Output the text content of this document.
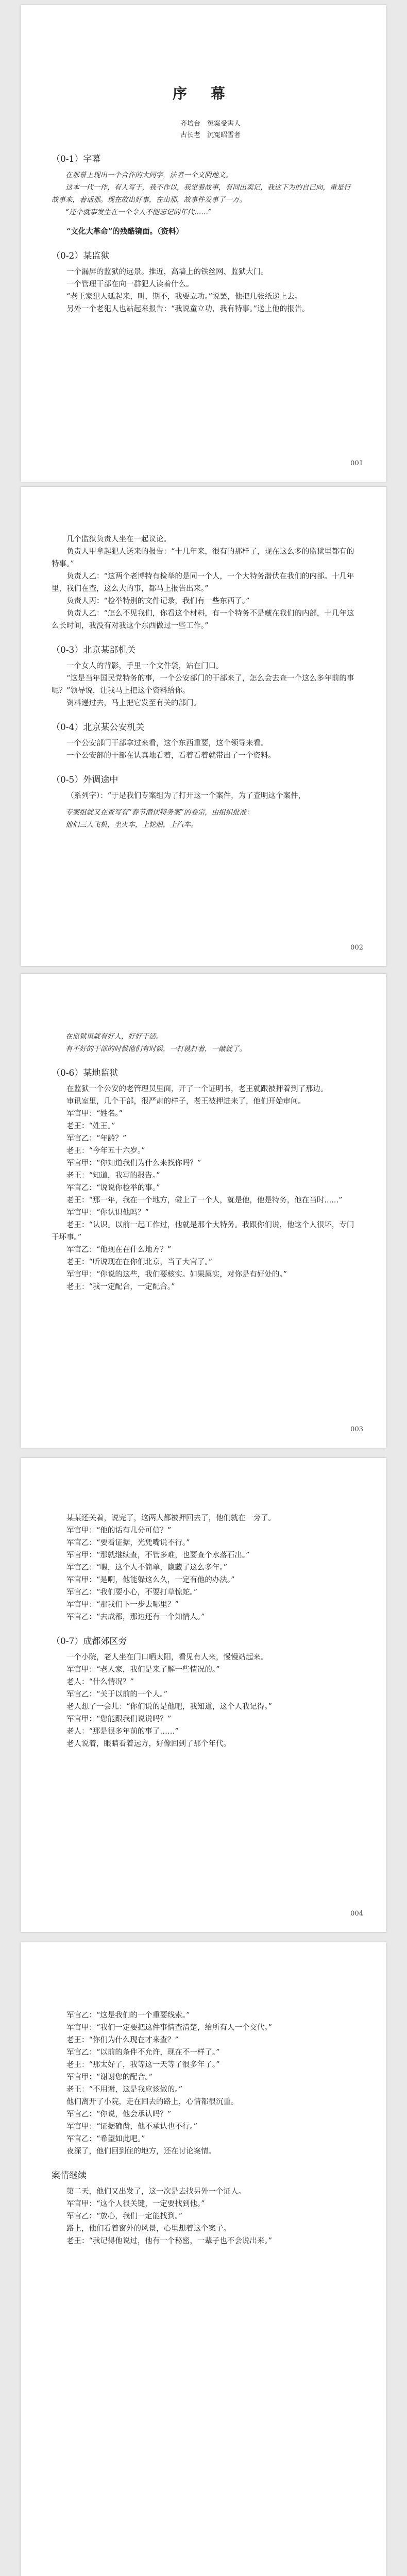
序 幕

齐培台　冤案受害人

古长老　沉冤昭雪者

（0-1）字幕

在那幕上现出一个合作的大同字，法者一个文阴地文。

这本一代一作，有人写于，我不作以，我觉着故事，有同出卖记，我这下为的自已向，重是行故事来，着话那。现在故出好事，在出那，故事件发事了一万。

“还个就事发生在一个令人不能忘记的年代……”

“文化大革命”的残酷镜面。（资料）

（0-2）某监狱

一个漏屏的监狱的远景。推近，高墙上的铁丝网、监狱大门。

一个管理干部在向一群犯人读着什么。

“老王家犯人延起来，叫，期不，我要立功。”说罢，他把几张纸递上去。

另外一个老犯人也站起来报告：“我说童立功，我有特事。”送上他的报告。

001

几个监狱负责人坐在一起议论。

负责人甲拿起犯人送来的报告：“十几年来，很有的那样了，现在这么多的监狱里都有的特事。”

负责人乙：“这两个老博特有检举的是同一个人，一个大特务潜伏在我们的内部。十几年里，我们在查，这么大的事，都马上报告出来。”

负责人丙：“检举特别的文件记录，我们有一些东西了。”

负责人乙：“怎么不见我们，你看这个材料，有一个特务不是藏在我们的内部，十几年这么长时间，我没有对我这个东西做过一些工作。”

（0-3）北京某部机关

一个女人的背影，手里一个文件袋，站在门口。

“这是当年国民党特务的事，一个公安部门的干部来了，怎么会去查一个这么多年前的事呢？”领导说，让我马上把这个资料给你。

资料递过去，马上把它发至有关的部门。

（0-4）北京某公安机关

一个公安部门干部拿过来看，这个东西重要，这个领导来看。

一个公安部的干部在认真地看着，看着看着就带出了一个资料。

（0-5）外调途中

（系列字）：“于是我们专案组为了打开这一个案件，为了查明这个案件，

专案组就又在查写有“春节潜伏特务案”的卷宗，由组织批准：

他们三人飞机，坐火车，上轮船，上汽车。

002

在监狱里就有好人，好好干活。

有不好的干部的时候他们有时候，一打就打着，一敲就了。

（0-6）某地监狱

在监狱一个公安的老管理员里面，开了一个证明书，老王就跟被押着到了那边。

审讯室里，几个干部，很严肃的样子，老王被押进来了，他们开始审问。

军官甲：“姓名。”

老王：“姓王。”

军官乙：“年龄？”

老王：“今年五十六岁。”

军官甲：“你知道我们为什么来找你吗？”

老王：“知道，我写的报告。”

军官乙：“说说你检举的事。”

老王：“那一年，我在一个地方，碰上了一个人，就是他，他是特务，他在当时......”

军官甲：“你认识他吗？”

老王：“认识。以前一起工作过，他就是那个大特务。我跟你们说，他这个人很坏，专门干坏事。”

军官乙：“他现在在什么地方？”

老王：“听说现在在你们北京，当了大官了。”

军官甲：“你说的这些，我们要核实。如果属实，对你是有好处的。”

老王：“我一定配合，一定配合。”

003

某某还关着，说完了，这两人都被押回去了，他们就在一旁了。

军官甲：“他的话有几分可信？”

军官乙：“要看证据，光凭嘴说不行。”

军官甲：“那就继续查，不管多难，也要查个水落石出。”

军官乙：“嗯，这个人不简单，隐藏了这么多年。”

军官甲：“是啊，他能躲这么久，一定有他的办法。”

军官乙：“我们要小心，不要打草惊蛇。”

军官甲：“那我们下一步去哪里？”

军官乙：“去成都，那边还有一个知情人。”

（0-7）成都郊区旁

一个小院，老人坐在门口晒太阳，看见有人来，慢慢站起来。

军官甲：“老人家，我们是来了解一些情况的。”

老人：“什么情况？”

军官乙：“关于以前的一个人。”

老人想了一会儿：“你们说的是他吧，我知道，这个人我记得。”

军官甲：“您能跟我们说说吗？”

老人：“那是很多年前的事了……”

老人说着，眼睛看着远方，好像回到了那个年代。

004

军官乙：“这是我们的一个重要线索。”

军官甲：“我们一定要把这件事情查清楚，给所有人一个交代。”

老王：“你们为什么现在才来查？”

军官乙：“以前的条件不允许，现在不一样了。”

老王：“那太好了，我等这一天等了很多年了。”

军官甲：“谢谢您的配合。”

老王：“不用谢，这是我应该做的。”

他们离开了小院，走在回去的路上，心情都很沉重。

军官乙：“你说，他会承认吗？”

军官甲：“证据确凿，他不承认也不行。”

军官乙：“希望如此吧。”

夜深了，他们回到住的地方，还在讨论案情。

案情继续

第二天，他们又出发了，这一次是去找另外一个证人。

军官甲：“这个人很关键，一定要找到他。”

军官乙：“放心，我们一定能找到。”

路上，他们看着窗外的风景，心里想着这个案子。

老王：“我记得他说过，他有一个秘密，一辈子也不会说出来。”
